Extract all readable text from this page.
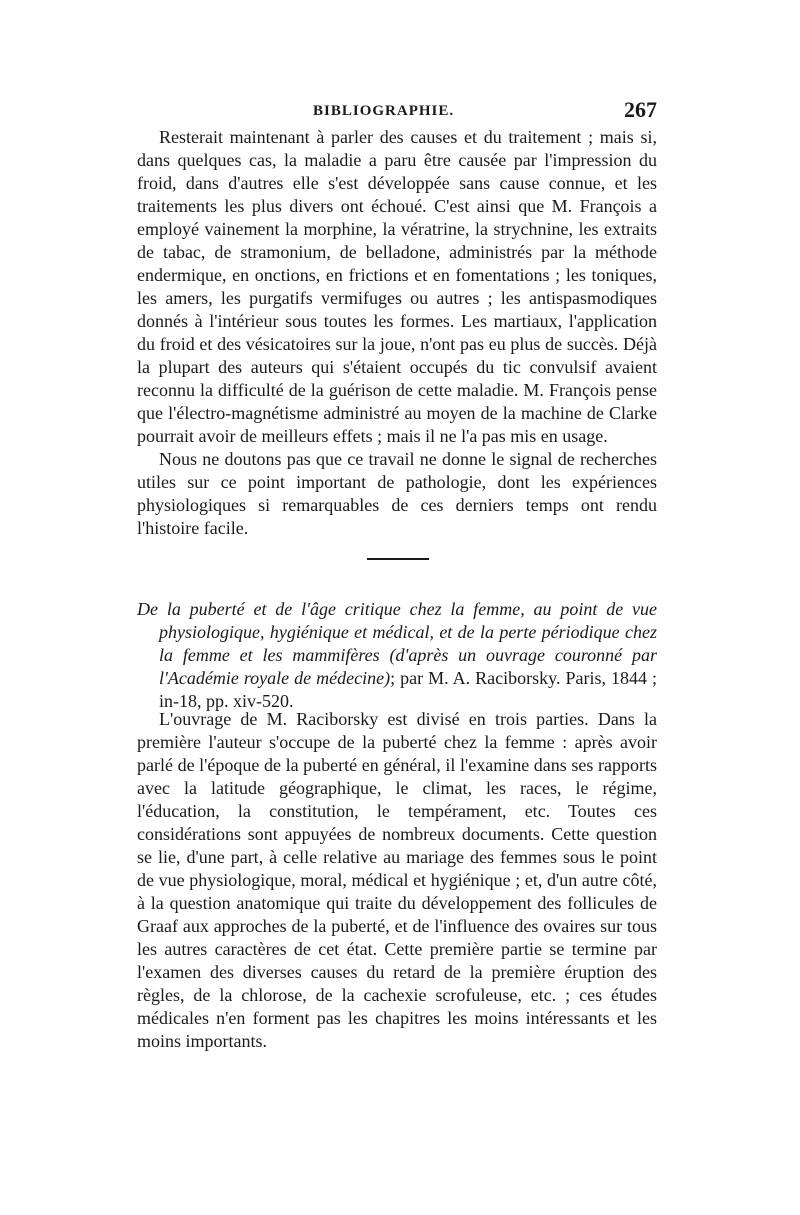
BIBLIOGRAPHIE.	267

Resterait maintenant à parler des causes et du traitement ; mais si, dans quelques cas, la maladie a paru être causée par l'impression du froid, dans d'autres elle s'est développée sans cause connue, et les traitements les plus divers ont échoué. C'est ainsi que M. François a employé vainement la morphine, la vératrine, la strychnine, les extraits de tabac, de stramonium, de belladone, administrés par la méthode endermique, en onctions, en frictions et en fomentations ; les toniques, les amers, les purgatifs vermifuges ou autres ; les antispasmodiques donnés à l'intérieur sous toutes les formes. Les martiaux, l'application du froid et des vésicatoires sur la joue, n'ont pas eu plus de succès. Déjà la plupart des auteurs qui s'étaient occupés du tic convulsif avaient reconnu la difficulté de la guérison de cette maladie. M. François pense que l'électro-magnétisme administré au moyen de la machine de Clarke pourrait avoir de meilleurs effets ; mais il ne l'a pas mis en usage.

Nous ne doutons pas que ce travail ne donne le signal de recherches utiles sur ce point important de pathologie, dont les expériences physiologiques si remarquables de ces derniers temps ont rendu l'histoire facile.

De la puberté et de l'âge critique chez la femme, au point de vue physiologique, hygiénique et médical, et de la perte périodique chez la femme et les mammifères (d'après un ouvrage couronné par l'Académie royale de médecine); par M. A. Raciborsky. Paris, 1844 ; in-18, pp. xiv-520.

L'ouvrage de M. Raciborsky est divisé en trois parties. Dans la première l'auteur s'occupe de la puberté chez la femme : après avoir parlé de l'époque de la puberté en général, il l'examine dans ses rapports avec la latitude géographique, le climat, les races, le régime, l'éducation, la constitution, le tempérament, etc. Toutes ces considérations sont appuyées de nombreux documents. Cette question se lie, d'une part, à celle relative au mariage des femmes sous le point de vue physiologique, moral, médical et hygiénique ; et, d'un autre côté, à la question anatomique qui traite du développement des follicules de Graaf aux approches de la puberté, et de l'influence des ovaires sur tous les autres caractères de cet état. Cette première partie se termine par l'examen des diverses causes du retard de la première éruption des règles, de la chlorose, de la cachexie scrofuleuse, etc. ; ces études médicales n'en forment pas les chapitres les moins intéressants et les moins importants.
